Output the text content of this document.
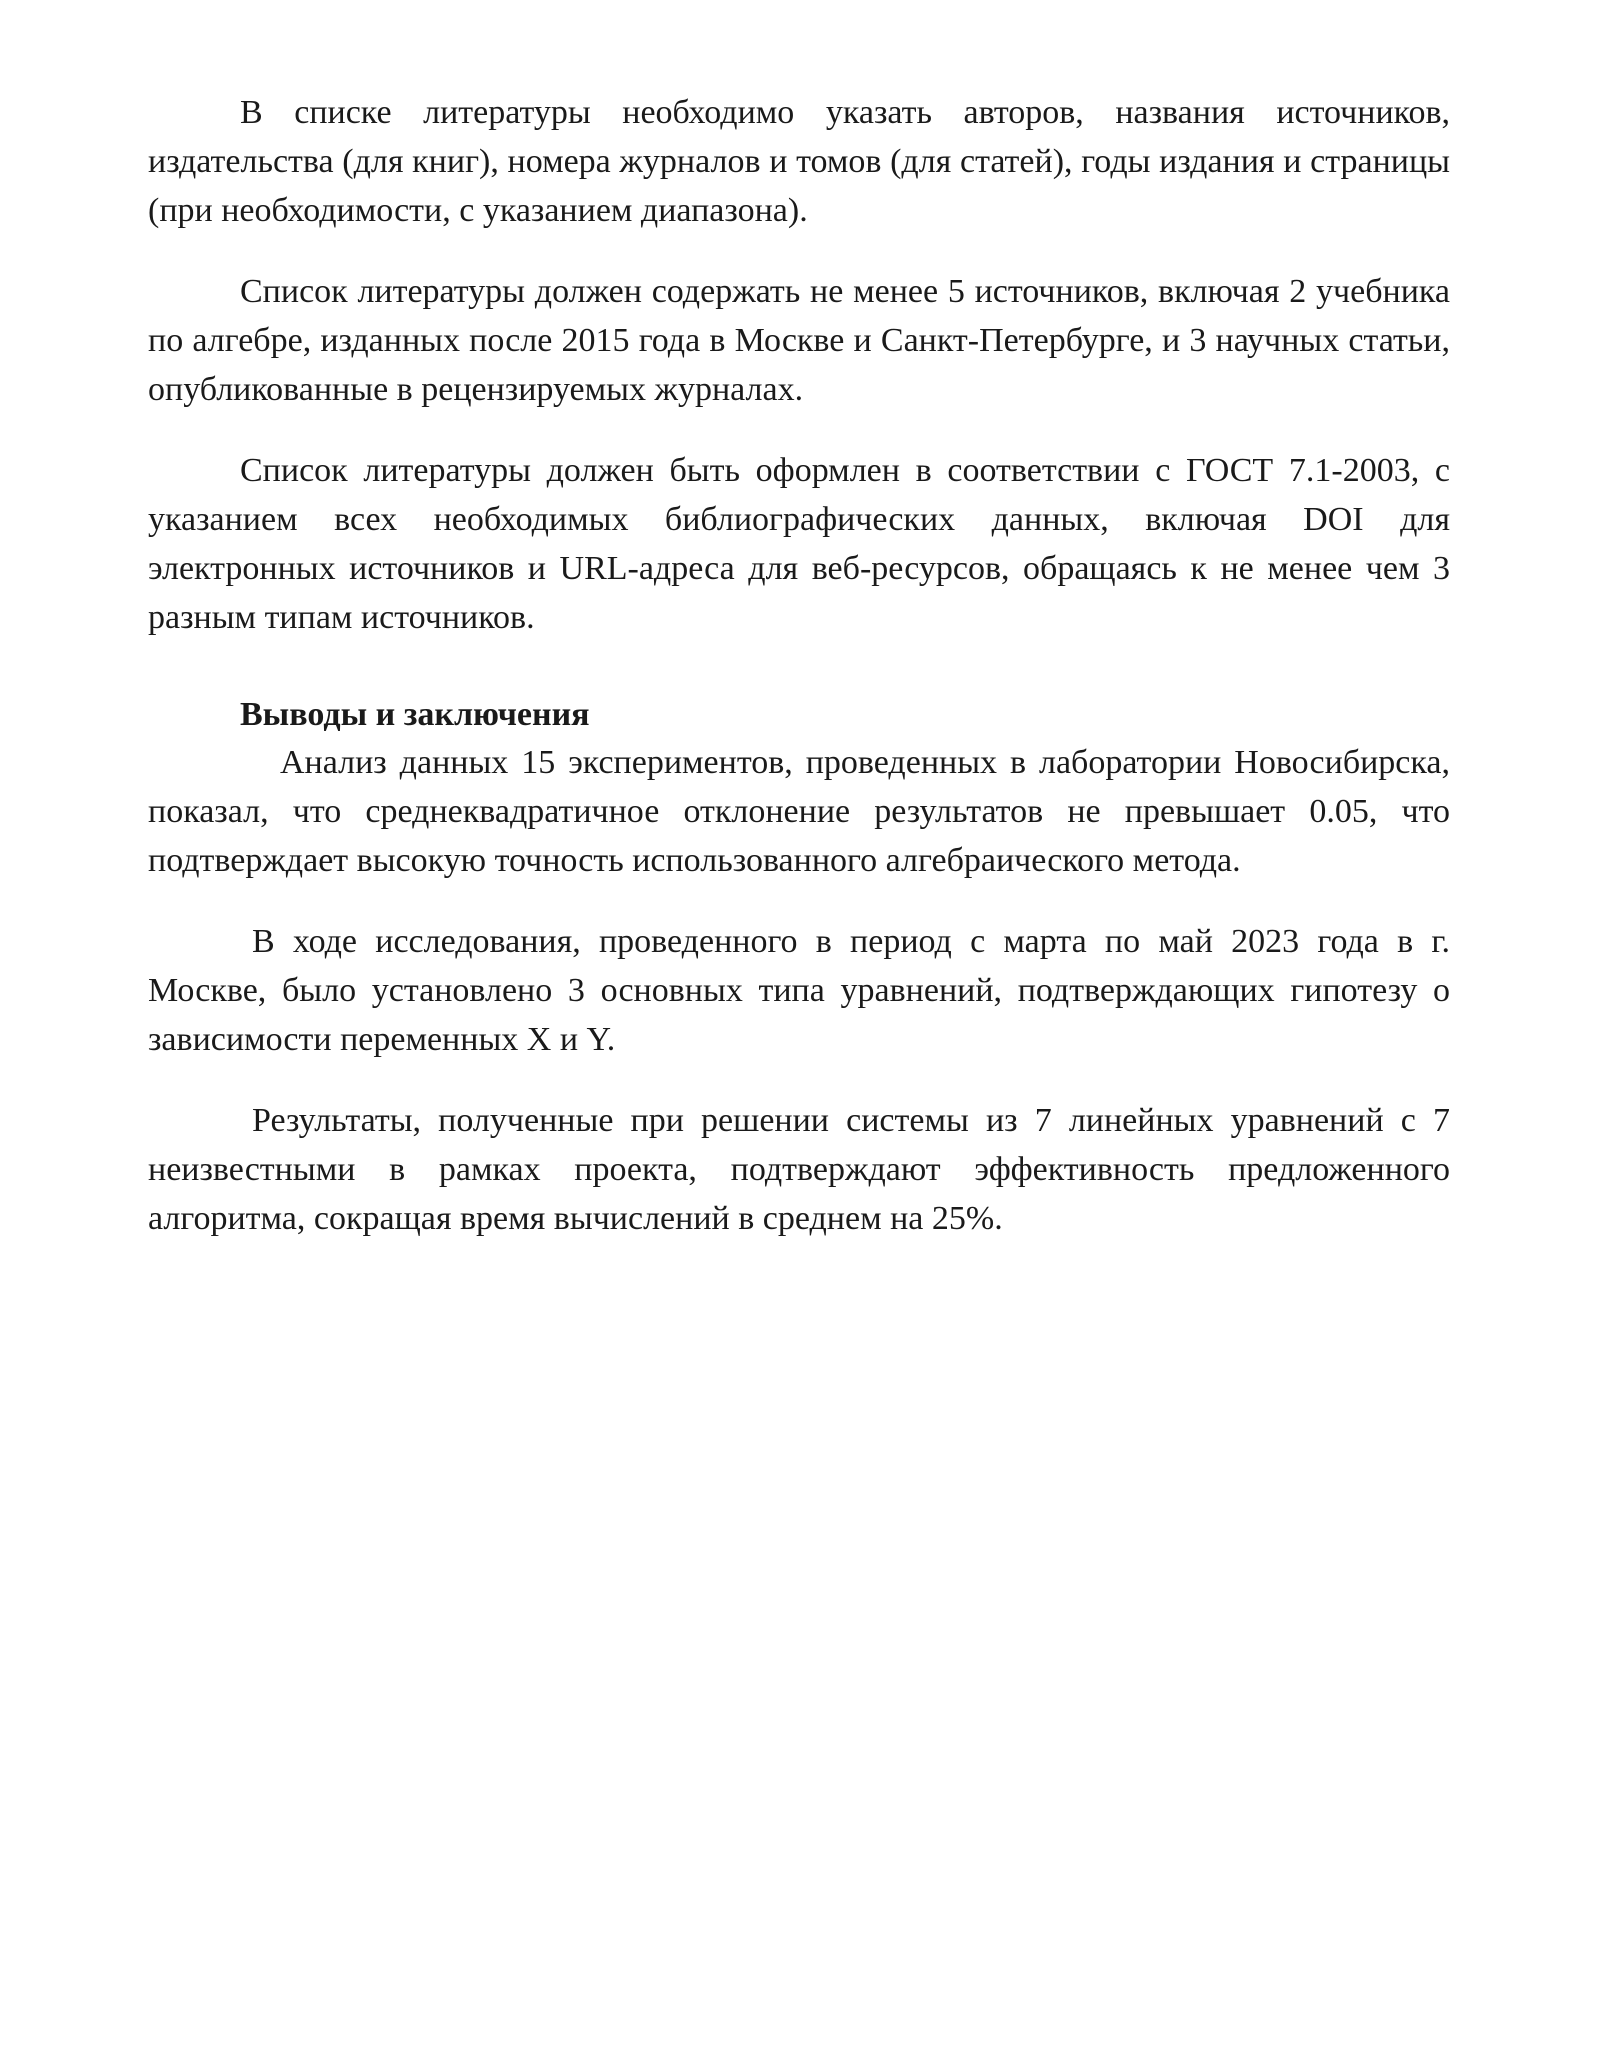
В списке литературы необходимо указать авторов, названия источников, издательства (для книг), номера журналов и томов (для статей), годы издания и страницы (при необходимости, с указанием диапазона).

Список литературы должен содержать не менее 5 источников, включая 2 учебника по алгебре, изданных после 2015 года в Москве и Санкт-Петербурге, и 3 научных статьи, опубликованные в рецензируемых журналах.

Список литературы должен быть оформлен в соответствии с ГОСТ 7.1-2003, с указанием всех необходимых библиографических данных, включая DOI для электронных источников и URL-адреса для веб-ресурсов, обращаясь к не менее чем 3 разным типам источников.

Выводы и заключения

Анализ данных 15 экспериментов, проведенных в лаборатории Новосибирска, показал, что среднеквадратичное отклонение результатов не превышает 0.05, что подтверждает высокую точность использованного алгебраического метода.

В ходе исследования, проведенного в период с марта по май 2023 года в г. Москве, было установлено 3 основных типа уравнений, подтверждающих гипотезу о зависимости переменных X и Y.

Результаты, полученные при решении системы из 7 линейных уравнений с 7 неизвестными в рамках проекта, подтверждают эффективность предложенного алгоритма, сокращая время вычислений в среднем на 25%.
